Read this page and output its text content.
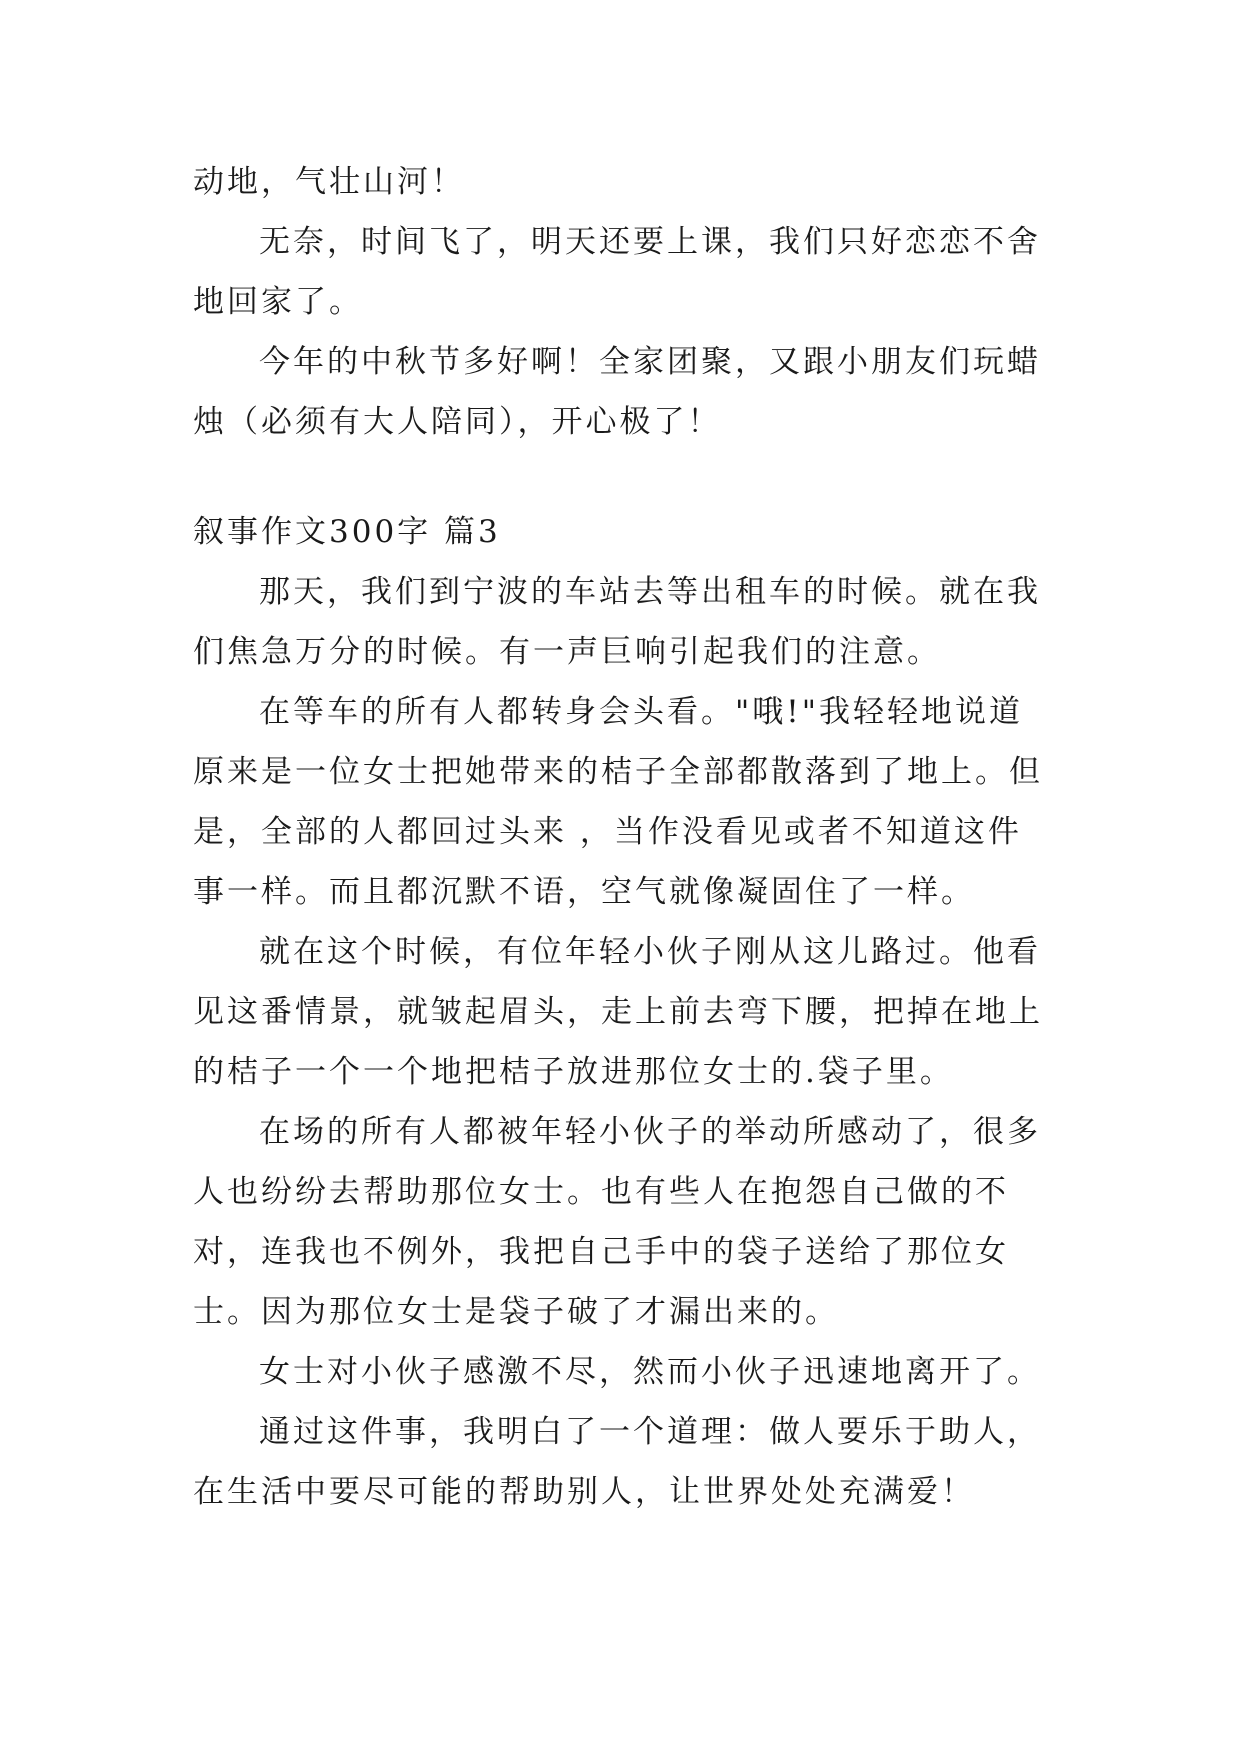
动地，气壮山河！

无奈，时间飞了，明天还要上课，我们只好恋恋不舍地回家了。

今年的中秋节多好啊！全家团聚，又跟小朋友们玩蜡烛（必须有大人陪同），开心极了！

叙事作文300字 篇3

那天，我们到宁波的车站去等出租车的时候。就在我们焦急万分的时候。有一声巨响引起我们的注意。

在等车的所有人都转身会头看。"哦!"我轻轻地说道原来是一位女士把她带来的桔子全部都散落到了地上。但是，全部的人都回过头来 ，当作没看见或者不知道这件事一样。而且都沉默不语，空气就像凝固住了一样。

就在这个时候，有位年轻小伙子刚从这儿路过。他看见这番情景，就皱起眉头，走上前去弯下腰，把掉在地上的桔子一个一个地把桔子放进那位女士的.袋子里。

在场的所有人都被年轻小伙子的举动所感动了，很多人也纷纷去帮助那位女士。也有些人在抱怨自己做的不对，连我也不例外，我把自己手中的袋子送给了那位女士。因为那位女士是袋子破了才漏出来的。

女士对小伙子感激不尽，然而小伙子迅速地离开了。

通过这件事，我明白了一个道理：做人要乐于助人，在生活中要尽可能的帮助别人，让世界处处充满爱！
